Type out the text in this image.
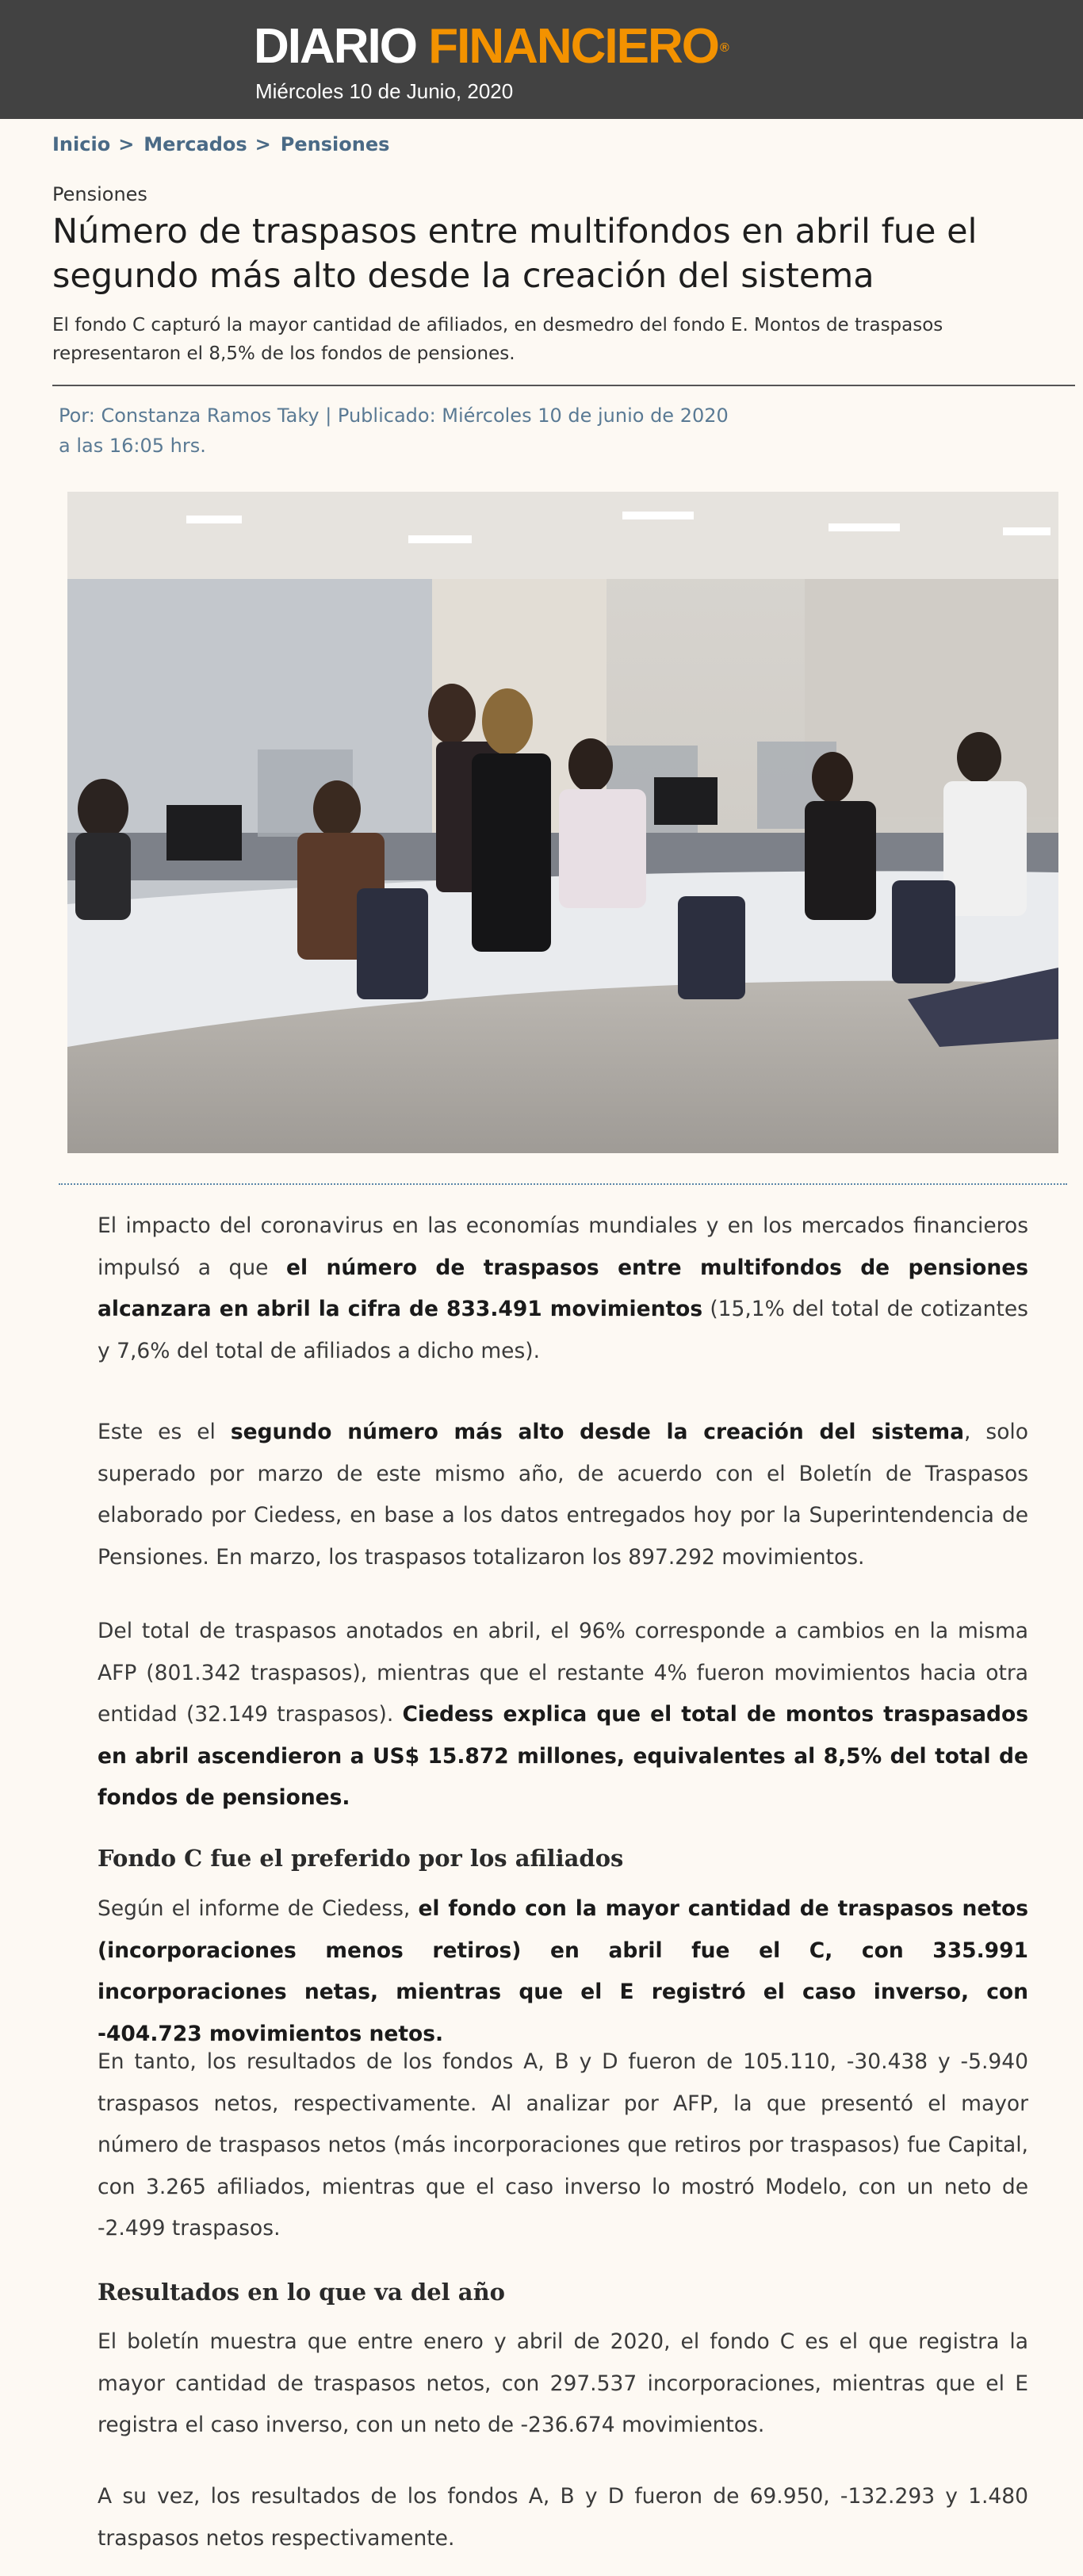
DIARIO FINANCIERO ®
Miércoles 10 de Junio, 2020
Inicio > Mercados > Pensiones
Pensiones
Número de traspasos entre multifondos en abril fue el segundo más alto desde la creación del sistema

El fondo C capturó la mayor cantidad de afiliados, en desmedro del fondo E. Montos de traspasos representaron el 8,5% de los fondos de pensiones.

Por: Constanza Ramos Taky | Publicado: Miércoles 10 de junio de 2020 a las 16:05 hrs.

El impacto del coronavirus en las economías mundiales y en los mercados financieros impulsó a que el número de traspasos entre multifondos de pensiones alcanzara en abril la cifra de 833.491 movimientos (15,1% del total de cotizantes y 7,6% del total de afiliados a dicho mes).

Este es el segundo número más alto desde la creación del sistema, solo superado por marzo de este mismo año, de acuerdo con el Boletín de Traspasos elaborado por Ciedess, en base a los datos entregados hoy por la Superintendencia de Pensiones. En marzo, los traspasos totalizaron los 897.292 movimientos.

Del total de traspasos anotados en abril, el 96% corresponde a cambios en la misma AFP (801.342 traspasos), mientras que el restante 4% fueron movimientos hacia otra entidad (32.149 traspasos). Ciedess explica que el total de montos traspasados en abril ascendieron a US$ 15.872 millones, equivalentes al 8,5% del total de fondos de pensiones.

Fondo C fue el preferido por los afiliados

Según el informe de Ciedess, el fondo con la mayor cantidad de traspasos netos (incorporaciones menos retiros) en abril fue el C, con 335.991 incorporaciones netas, mientras que el E registró el caso inverso, con -404.723 movimientos netos.

En tanto, los resultados de los fondos A, B y D fueron de 105.110, -30.438 y -5.940 traspasos netos, respectivamente. Al analizar por AFP, la que presentó el mayor número de traspasos netos (más incorporaciones que retiros por traspasos) fue Capital, con 3.265 afiliados, mientras que el caso inverso lo mostró Modelo, con un neto de -2.499 traspasos.

Resultados en lo que va del año

El boletín muestra que entre enero y abril de 2020, el fondo C es el que registra la mayor cantidad de traspasos netos, con 297.537 incorporaciones, mientras que el E registra el caso inverso, con un neto de -236.674 movimientos.

A su vez, los resultados de los fondos A, B y D fueron de 69.950, -132.293 y 1.480 traspasos netos respectivamente.
